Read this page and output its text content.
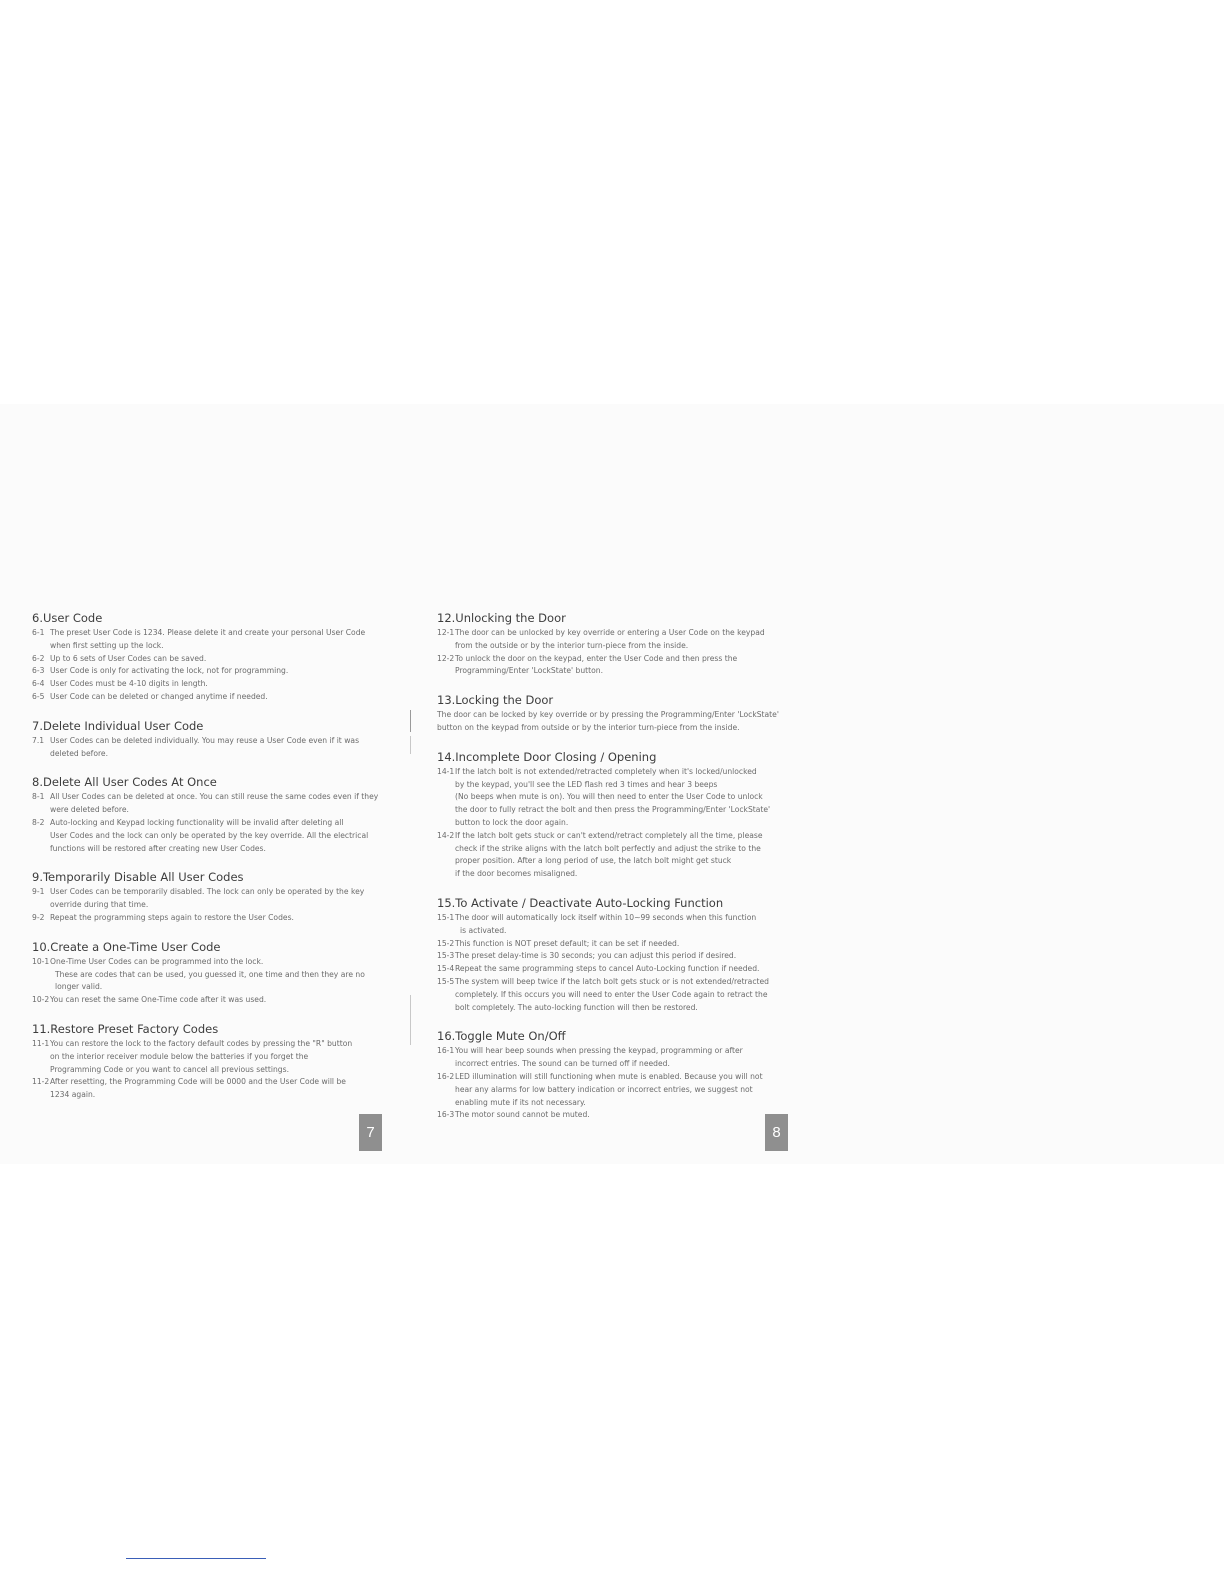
6.User Code
6-1 The preset User Code is 1234. Please delete it and create your personal User Code
when first setting up the lock.
6-2 Up to 6 sets of User Codes can be saved.
6-3 User Code is only for activating the lock, not for programming.
6-4 User Codes must be 4-10 digits in length.
6-5 User Code can be deleted or changed anytime if needed.
7.Delete Individual User Code
7.1 User Codes can be deleted individually. You may reuse a User Code even if it was
deleted before.
8.Delete All User Codes At Once
8-1 All User Codes can be deleted at once. You can still reuse the same codes even if they
were deleted before.
8-2 Auto-locking and Keypad locking functionality will be invalid after deleting all
User Codes and the lock can only be operated by the key override. All the electrical
functions will be restored after creating new User Codes.
9.Temporarily Disable All User Codes
9-1 User Codes can be temporarily disabled. The lock can only be operated by the key
override during that time.
9-2 Repeat the programming steps again to restore the User Codes.
10.Create a One-Time User Code
10-1One-Time User Codes can be programmed into the lock.
These are codes that can be used, you guessed it, one time and then they are no
longer valid.
10-2You can reset the same One-Time code after it was used.
11.Restore Preset Factory Codes
11-1You can restore the lock to the factory default codes by pressing the "R" button
on the interior receiver module below the batteries if you forget the
Programming Code or you want to cancel all previous settings.
11-2After resetting, the Programming Code will be 0000 and the User Code will be
1234 again.
12.Unlocking the Door
12-1The door can be unlocked by key override or entering a User Code on the keypad
from the outside or by the interior turn-piece from the inside.
12-2To unlock the door on the keypad, enter the User Code and then press the
Programming/Enter 'LockState' button.
13.Locking the Door
The door can be locked by key override or by pressing the Programming/Enter 'LockState'
button on the keypad from outside or by the interior turn-piece from the inside.
14.Incomplete Door Closing / Opening
14-1If the latch bolt is not extended/retracted completely when it's locked/unlocked
by the keypad, you'll see the LED flash red 3 times and hear 3 beeps
(No beeps when mute is on). You will then need to enter the User Code to unlock
the door to fully retract the bolt and then press the Programming/Enter 'LockState'
button to lock the door again.
14-2If the latch bolt gets stuck or can't extend/retract completely all the time, please
check if the strike aligns with the latch bolt perfectly and adjust the strike to the
proper position. After a long period of use, the latch bolt might get stuck
if the door becomes misaligned.
15.To Activate / Deactivate Auto-Locking Function
15-1The door will automatically lock itself within 10~99 seconds when this function
is activated.
15-2This function is NOT preset default; it can be set if needed.
15-3The preset delay-time is 30 seconds; you can adjust this period if desired.
15-4Repeat the same programming steps to cancel Auto-Locking function if needed.
15-5The system will beep twice if the latch bolt gets stuck or is not extended/retracted
completely. If this occurs you will need to enter the User Code again to retract the
bolt completely. The auto-locking function will then be restored.
16.Toggle Mute On/Off
16-1You will hear beep sounds when pressing the keypad, programming or after
incorrect entries. The sound can be turned off if needed.
16-2LED illumination will still functioning when mute is enabled. Because you will not
hear any alarms for low battery indication or incorrect entries, we suggest not
enabling mute if its not necessary.
16-3The motor sound cannot be muted.
7	8
